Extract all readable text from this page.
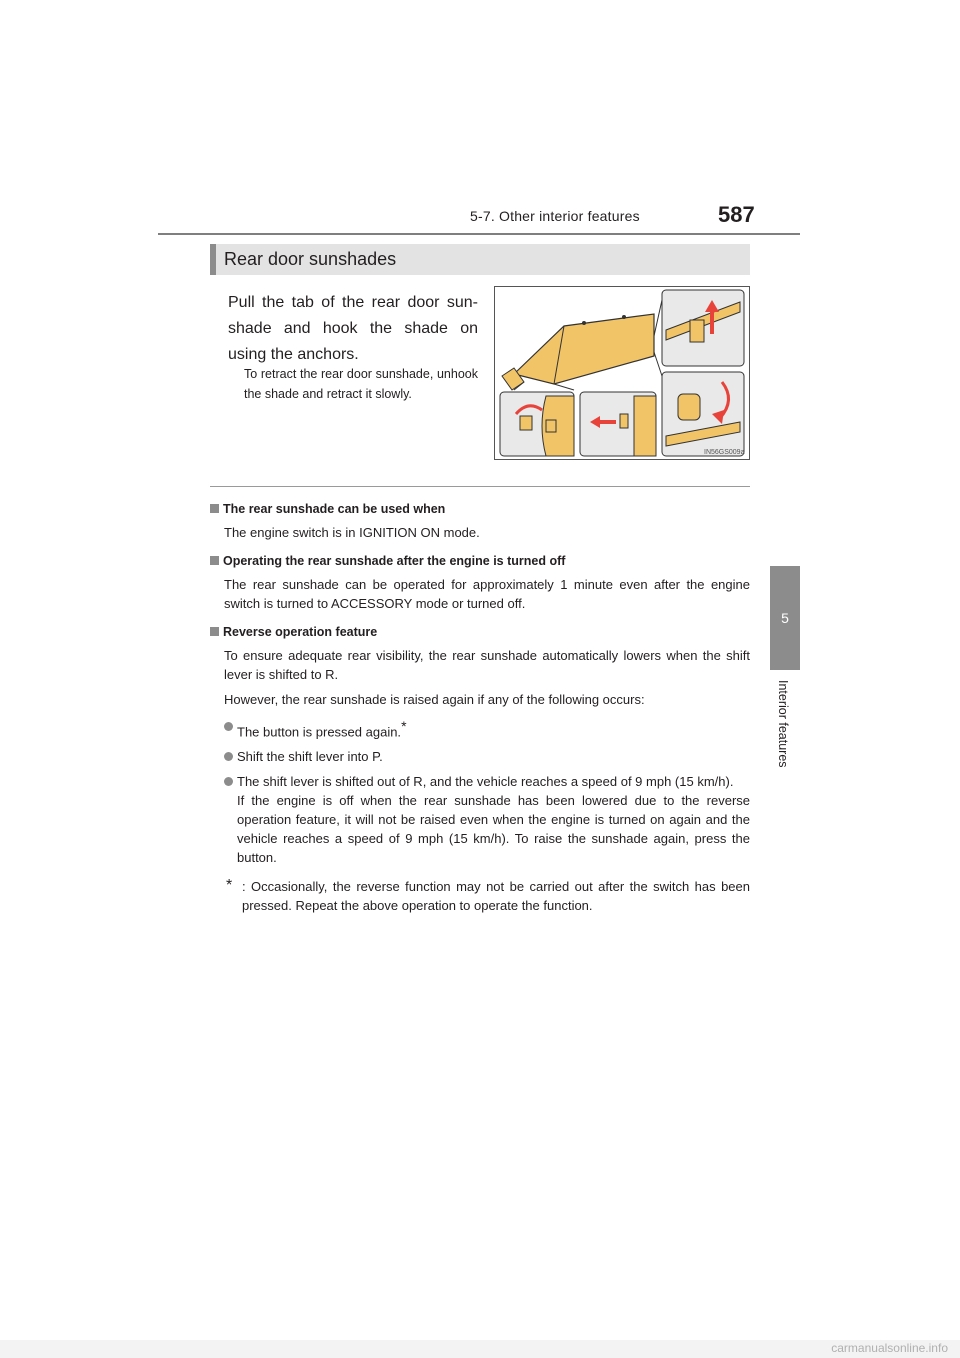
5-7. Other interior features	587
5
Interior features
Rear door sunshades
Pull the tab of the rear door sun-shade and hook the shade on using the anchors.
To retract the rear door sunshade, unhook the shade and retract it slowly.
IN56GS009a

The rear sunshade can be used when

The engine switch is in IGNITION ON mode.

Operating the rear sunshade after the engine is turned off

The rear sunshade can be operated for approximately 1 minute even after the engine switch is turned to ACCESSORY mode or turned off.

Reverse operation feature

To ensure adequate rear visibility, the rear sunshade automatically lowers when the shift lever is shifted to R.

However, the rear sunshade is raised again if any of the following occurs:

The button is pressed again.*
Shift the shift lever into P.
The shift lever is shifted out of R, and the vehicle reaches a speed of 9 mph (15 km/h).
If the engine is off when the rear sunshade has been lowered due to the reverse operation feature, it will not be raised even when the engine is turned on again and the vehicle reaches a speed of 9 mph (15 km/h). To raise the sunshade again, press the button.
* : Occasionally, the reverse function may not be carried out after the switch has been pressed. Repeat the above operation to operate the function.
carmanualsonline.info
